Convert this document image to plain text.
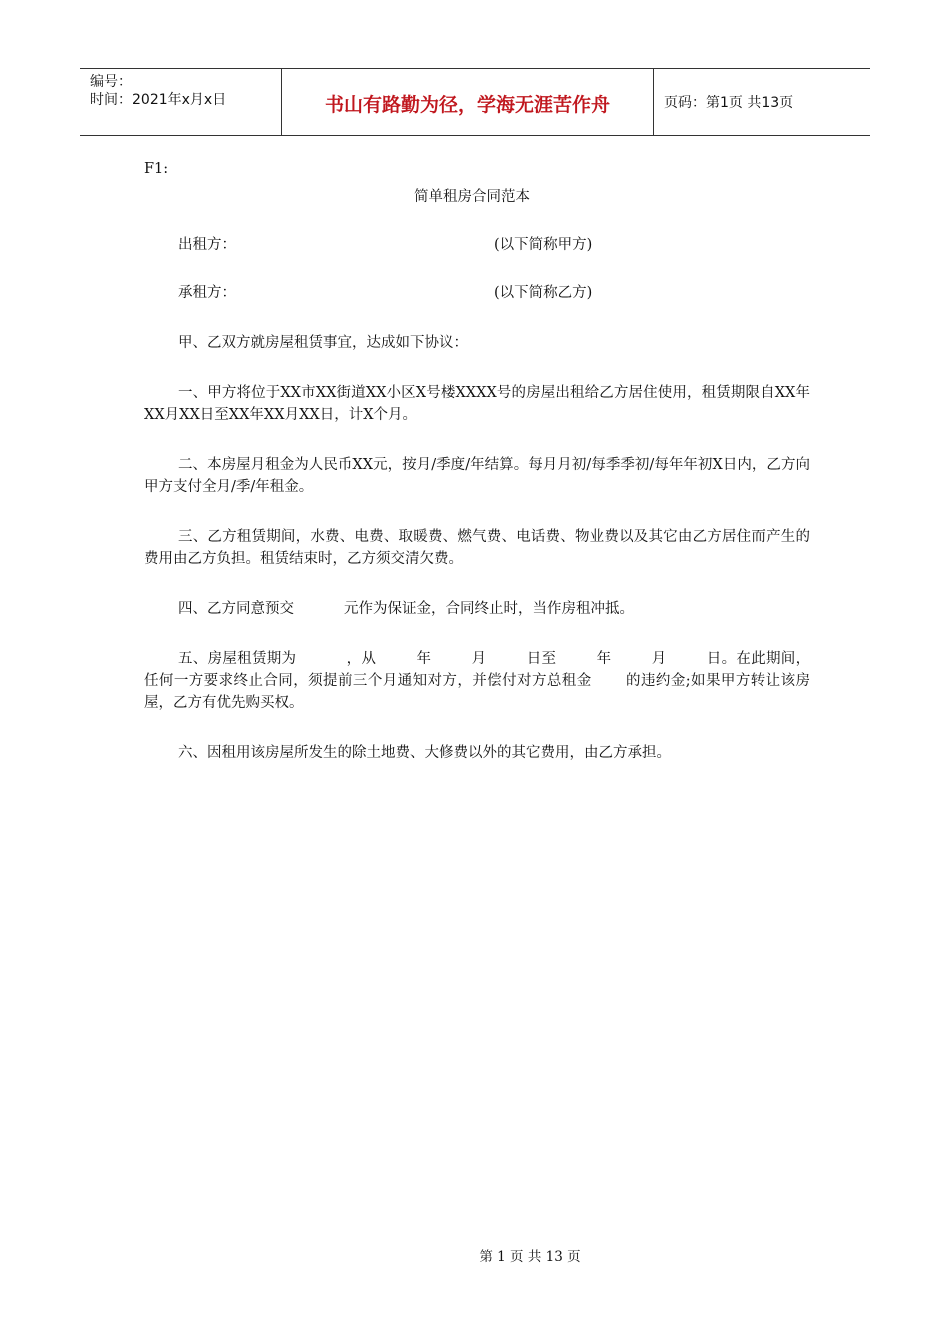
编号：
时间：2021年x月x日	书山有路勤为径，学海无涯苦作舟	页码：第1页 共13页

F1:

简单租房合同范本

出租方：	(以下简称甲方)
承租方：	(以下简称乙方)

甲、乙双方就房屋租赁事宜，达成如下协议：

一、甲方将位于XX市XX街道XX小区X号楼XXXX号的房屋出租给乙方居住使用，租赁期限自XX年XX月XX日至XX年XX月XX日，计X个月。

二、本房屋月租金为人民币XX元，按月/季度/年结算。每月月初/每季季初/每年年初X日内，乙方向甲方支付全月/季/年租金。

三、乙方租赁期间，水费、电费、取暖费、燃气费、电话费、物业费以及其它由乙方居住而产生的费用由乙方负担。租赁结束时，乙方须交清欠费。

四、乙方同意预交	元作为保证金，合同终止时，当作房租冲抵。

五、房屋租赁期为	，从	年	月	日至	年	月	日。在此期间，任何一方要求终止合同，须提前三个月通知对方，并偿付对方总租金 的违约金;如果甲方转让该房屋，乙方有优先购买权。

六、因租用该房屋所发生的除土地费、大修费以外的其它费用，由乙方承担。

第 1 页 共 13 页
